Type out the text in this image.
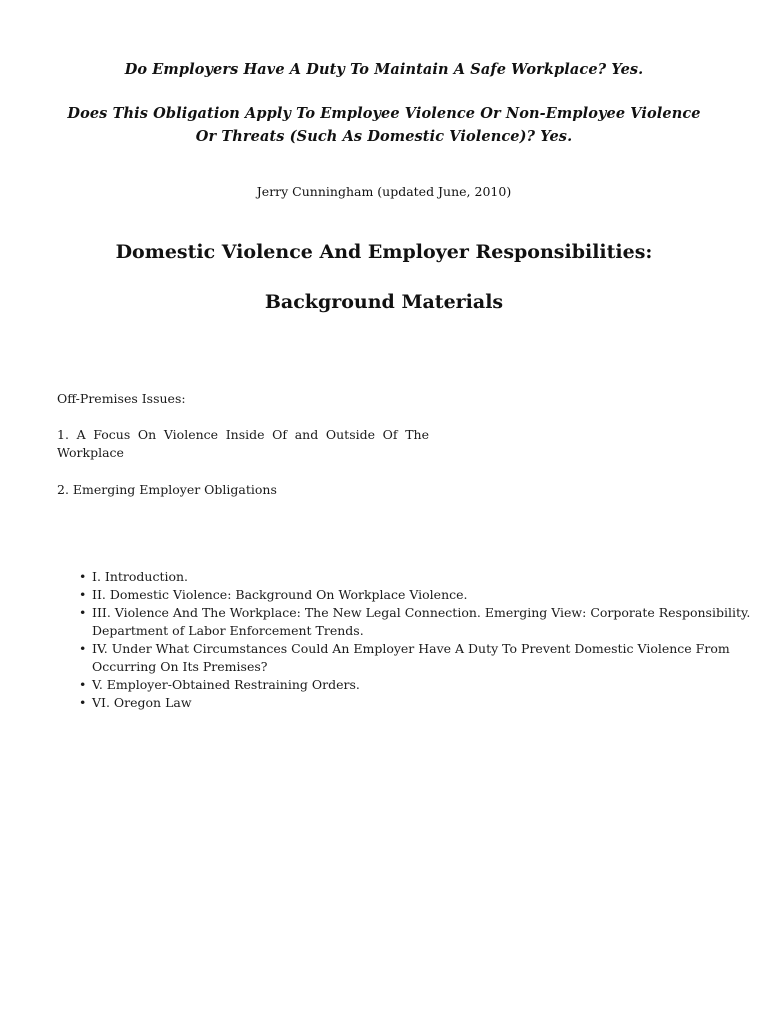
Do Employers Have A Duty To Maintain A Safe Workplace? Yes.
Does This Obligation Apply To Employee Violence Or Non-Employee Violence
Or Threats (Such As Domestic Violence)? Yes.
Jerry Cunningham (updated June, 2010)
Domestic Violence And Employer Responsibilities:
Background Materials
Off-Premises Issues:
1. A Focus On Violence Inside Of and Outside Of The Workplace
2. Emerging Employer Obligations
• I. Introduction.
• II. Domestic Violence: Background On Workplace Violence.
• III. Violence And The Workplace: The New Legal Connection. Emerging View: Corporate Responsibility. Department of Labor Enforcement Trends.
• IV. Under What Circumstances Could An Employer Have A Duty To Prevent Domestic Violence From Occurring On Its Premises?
• V. Employer-Obtained Restraining Orders.
• VI. Oregon Law
